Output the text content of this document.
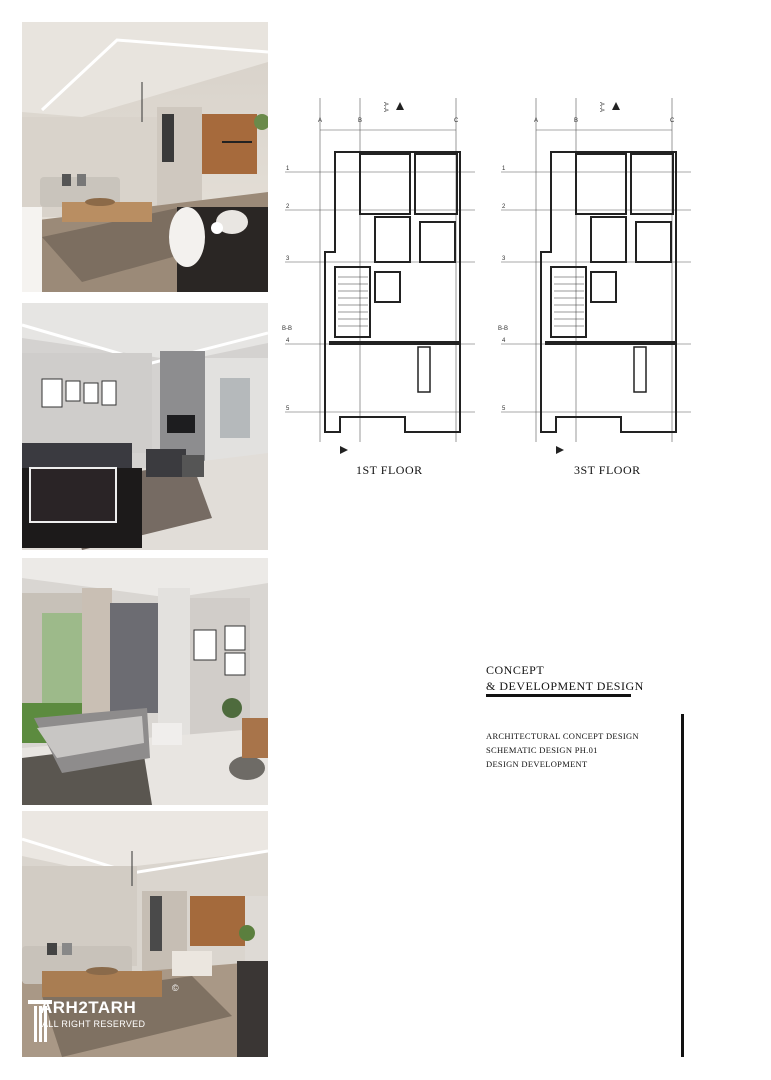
ARH2TARH
ALL RIGHT RESERVED
©
A	B	C
1
2
3
4
5
B-B
A-A
A	B	C
1
2
3
4
5
B-B
A-A
1ST FLOOR	3ST FLOOR
CONCEPT
& DEVELOPMENT DESIGN
ARCHITECTURAL CONCEPT DESIGN
SCHEMATIC DESIGN PH.01
DESIGN DEVELOPMENT
